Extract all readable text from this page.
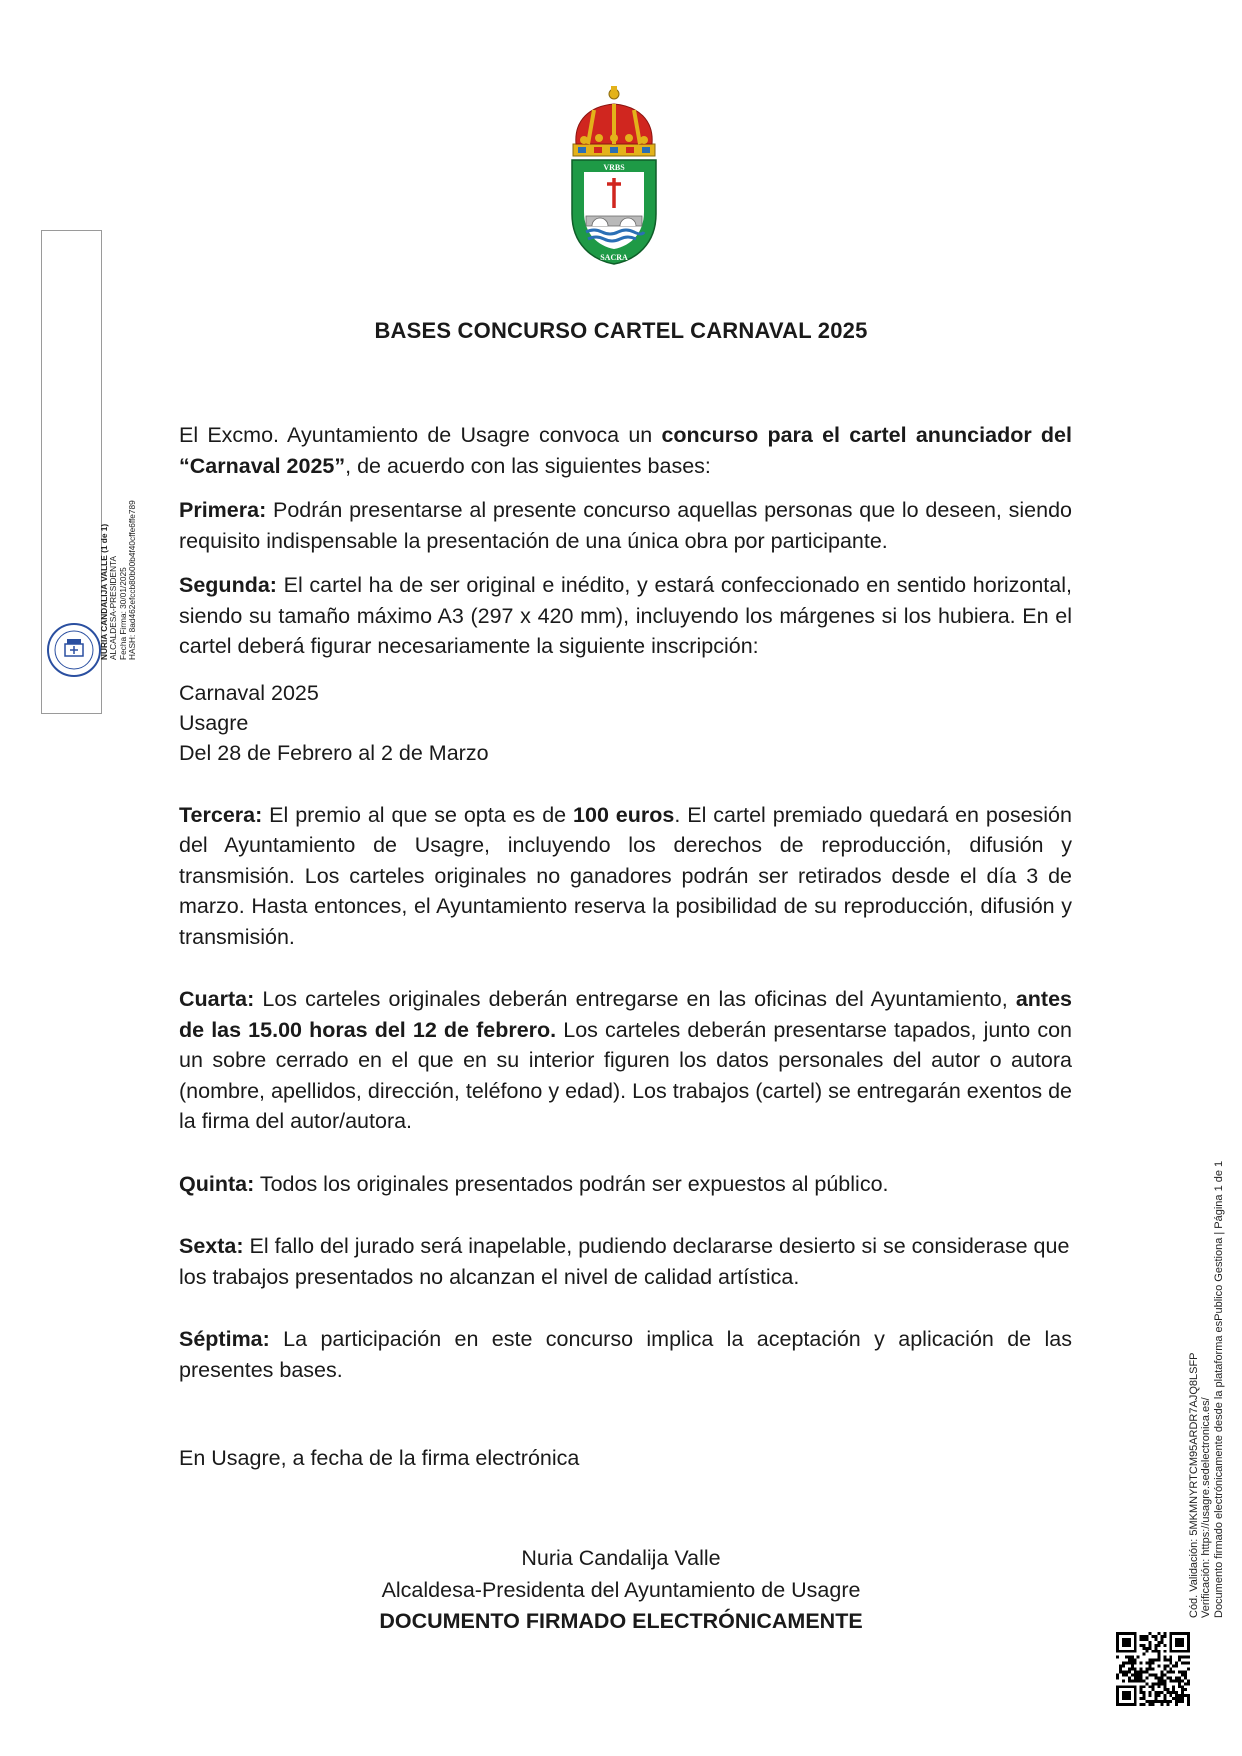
VRBS
SACRA
BASES CONCURSO CARTEL CARNAVAL 2025

El Excmo. Ayuntamiento de Usagre convoca un concurso para el cartel anunciador del “Carnaval 2025”, de acuerdo con las siguientes bases:

Primera: Podrán presentarse al presente concurso aquellas personas que lo deseen, siendo requisito indispensable la presentación de una única obra por participante.

Segunda: El cartel ha de ser original e inédito, y estará confeccionado en sentido horizontal, siendo su tamaño máximo A3 (297 x 420 mm), incluyendo los márgenes si los hubiera. En el cartel deberá figurar necesariamente la siguiente inscripción:

Carnaval 2025
Usagre
Del 28 de Febrero al 2 de Marzo

Tercera: El premio al que se opta es de 100 euros. El cartel premiado quedará en posesión del Ayuntamiento de Usagre, incluyendo los derechos de reproducción, difusión y transmisión. Los carteles originales no ganadores podrán ser retirados desde el día 3 de marzo. Hasta entonces, el Ayuntamiento reserva la posibilidad de su reproducción, difusión y transmisión.

Cuarta: Los carteles originales deberán entregarse en las oficinas del Ayuntamiento, antes de las 15.00 horas del 12 de febrero. Los carteles deberán presentarse tapados, junto con un sobre cerrado en el que en su interior figuren los datos personales del autor o autora (nombre, apellidos, dirección, teléfono y edad). Los trabajos (cartel) se entregarán exentos de la firma del autor/autora.

Quinta: Todos los originales presentados podrán ser expuestos al público.

Sexta: El fallo del jurado será inapelable, pudiendo declararse desierto si se considerase que los trabajos presentados no alcanzan el nivel de calidad artística.

Séptima: La participación en este concurso implica la aceptación y aplicación de las presentes bases.

En Usagre, a fecha de la firma electrónica

Nuria Candalija Valle
Alcaldesa-Presidenta del Ayuntamiento de Usagre
DOCUMENTO FIRMADO ELECTRÓNICAMENTE
NURIA CANDALIJA VALLE (1 de 1) ALCALDESA-PRESIDENTA Fecha Firma: 30/01/2025 HASH: 8ad462efccb80b00b4f40cffe6ffe789
Cód. Validación: 5MKMNYRTCM95ARDR7AJQ8LSFP Verificación: https://usagre.sedelectronica.es/ Documento firmado electrónicamente desde la plataforma esPublico Gestiona | Página 1 de 1
